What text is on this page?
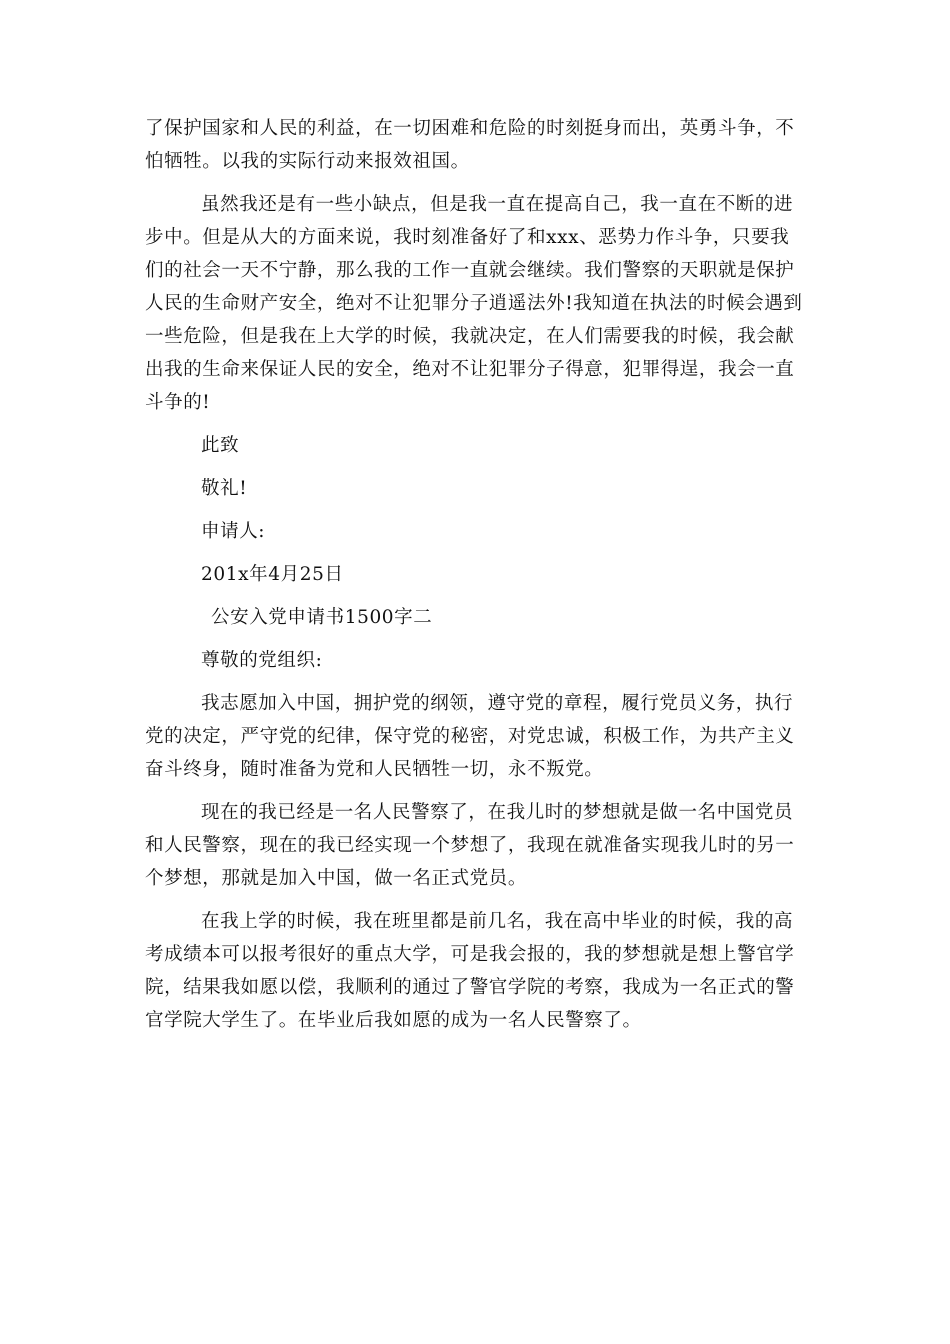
了保护国家和人民的利益，在一切困难和危险的时刻挺身而出，英勇斗争，不怕牺牲。以我的实际行动来报效祖国。

虽然我还是有一些小缺点，但是我一直在提高自己，我一直在不断的进步中。但是从大的方面来说，我时刻准备好了和xxx、恶势力作斗争，只要我们的社会一天不宁静，那么我的工作一直就会继续。我们警察的天职就是保护人民的生命财产安全，绝对不让犯罪分子逍遥法外!我知道在执法的时候会遇到一些危险，但是我在上大学的时候，我就决定，在人们需要我的时候，我会献出我的生命来保证人民的安全，绝对不让犯罪分子得意，犯罪得逞，我会一直斗争的!

此致

敬礼!

申请人:

201x年4月25日

公安入党申请书1500字二

尊敬的党组织:

我志愿加入中国，拥护党的纲领，遵守党的章程，履行党员义务，执行党的决定，严守党的纪律，保守党的秘密，对党忠诚，积极工作，为共产主义奋斗终身，随时准备为党和人民牺牲一切，永不叛党。

现在的我已经是一名人民警察了，在我儿时的梦想就是做一名中国党员和人民警察，现在的我已经实现一个梦想了，我现在就准备实现我儿时的另一个梦想，那就是加入中国，做一名正式党员。

在我上学的时候，我在班里都是前几名，我在高中毕业的时候，我的高考成绩本可以报考很好的重点大学，可是我会报的，我的梦想就是想上警官学院，结果我如愿以偿，我顺利的通过了警官学院的考察，我成为一名正式的警官学院大学生了。在毕业后我如愿的成为一名人民警察了。
